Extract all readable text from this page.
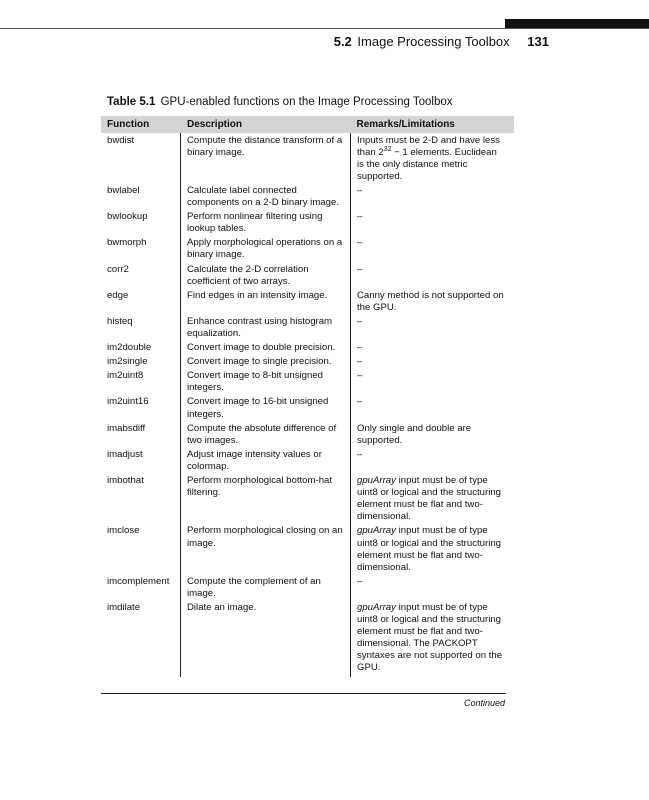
5.2 Image Processing Toolbox 131
Table 5.1 GPU-enabled functions on the Image Processing Toolbox
Function	Description	Remarks/Limitations
bwdist	Compute the distance transform of a binary image.	Inputs must be 2-D and have less than $2^{32} - 1$ elements. Euclidean is the only distance metric supported.
bwlabel	Calculate label connected components on a 2-D binary image.	–
bwlookup	Perform nonlinear filtering using lookup tables.	–
bwmorph	Apply morphological operations on a binary image.	–
corr2	Calculate the 2-D correlation coefficient of two arrays.	–
edge	Find edges in an intensity image.	Canny method is not supported on the GPU.
histeq	Enhance contrast using histogram equalization.	–
im2double	Convert image to double precision.	–
im2single	Convert image to single precision.	–
im2uint8	Convert image to 8-bit unsigned integers.	–
im2uint16	Convert image to 16-bit unsigned integers.	–
imabsdiff	Compute the absolute difference of two images.	Only single and double are supported.
imadjust	Adjust image intensity values or colormap.	–
imbothat	Perform morphological bottom-hat filtering.	gpuArray input must be of type uint8 or logical and the structuring element must be flat and two-dimensional.
imclose	Perform morphological closing on an image.	gpuArray input must be of type uint8 or logical and the structuring element must be flat and two-dimensional.
imcomplement	Compute the complement of an image.	–
imdilate	Dilate an image.	gpuArray input must be of type uint8 or logical and the structuring element must be flat and two-dimensional. The PACKOPT syntaxes are not supported on the GPU.
Continued
